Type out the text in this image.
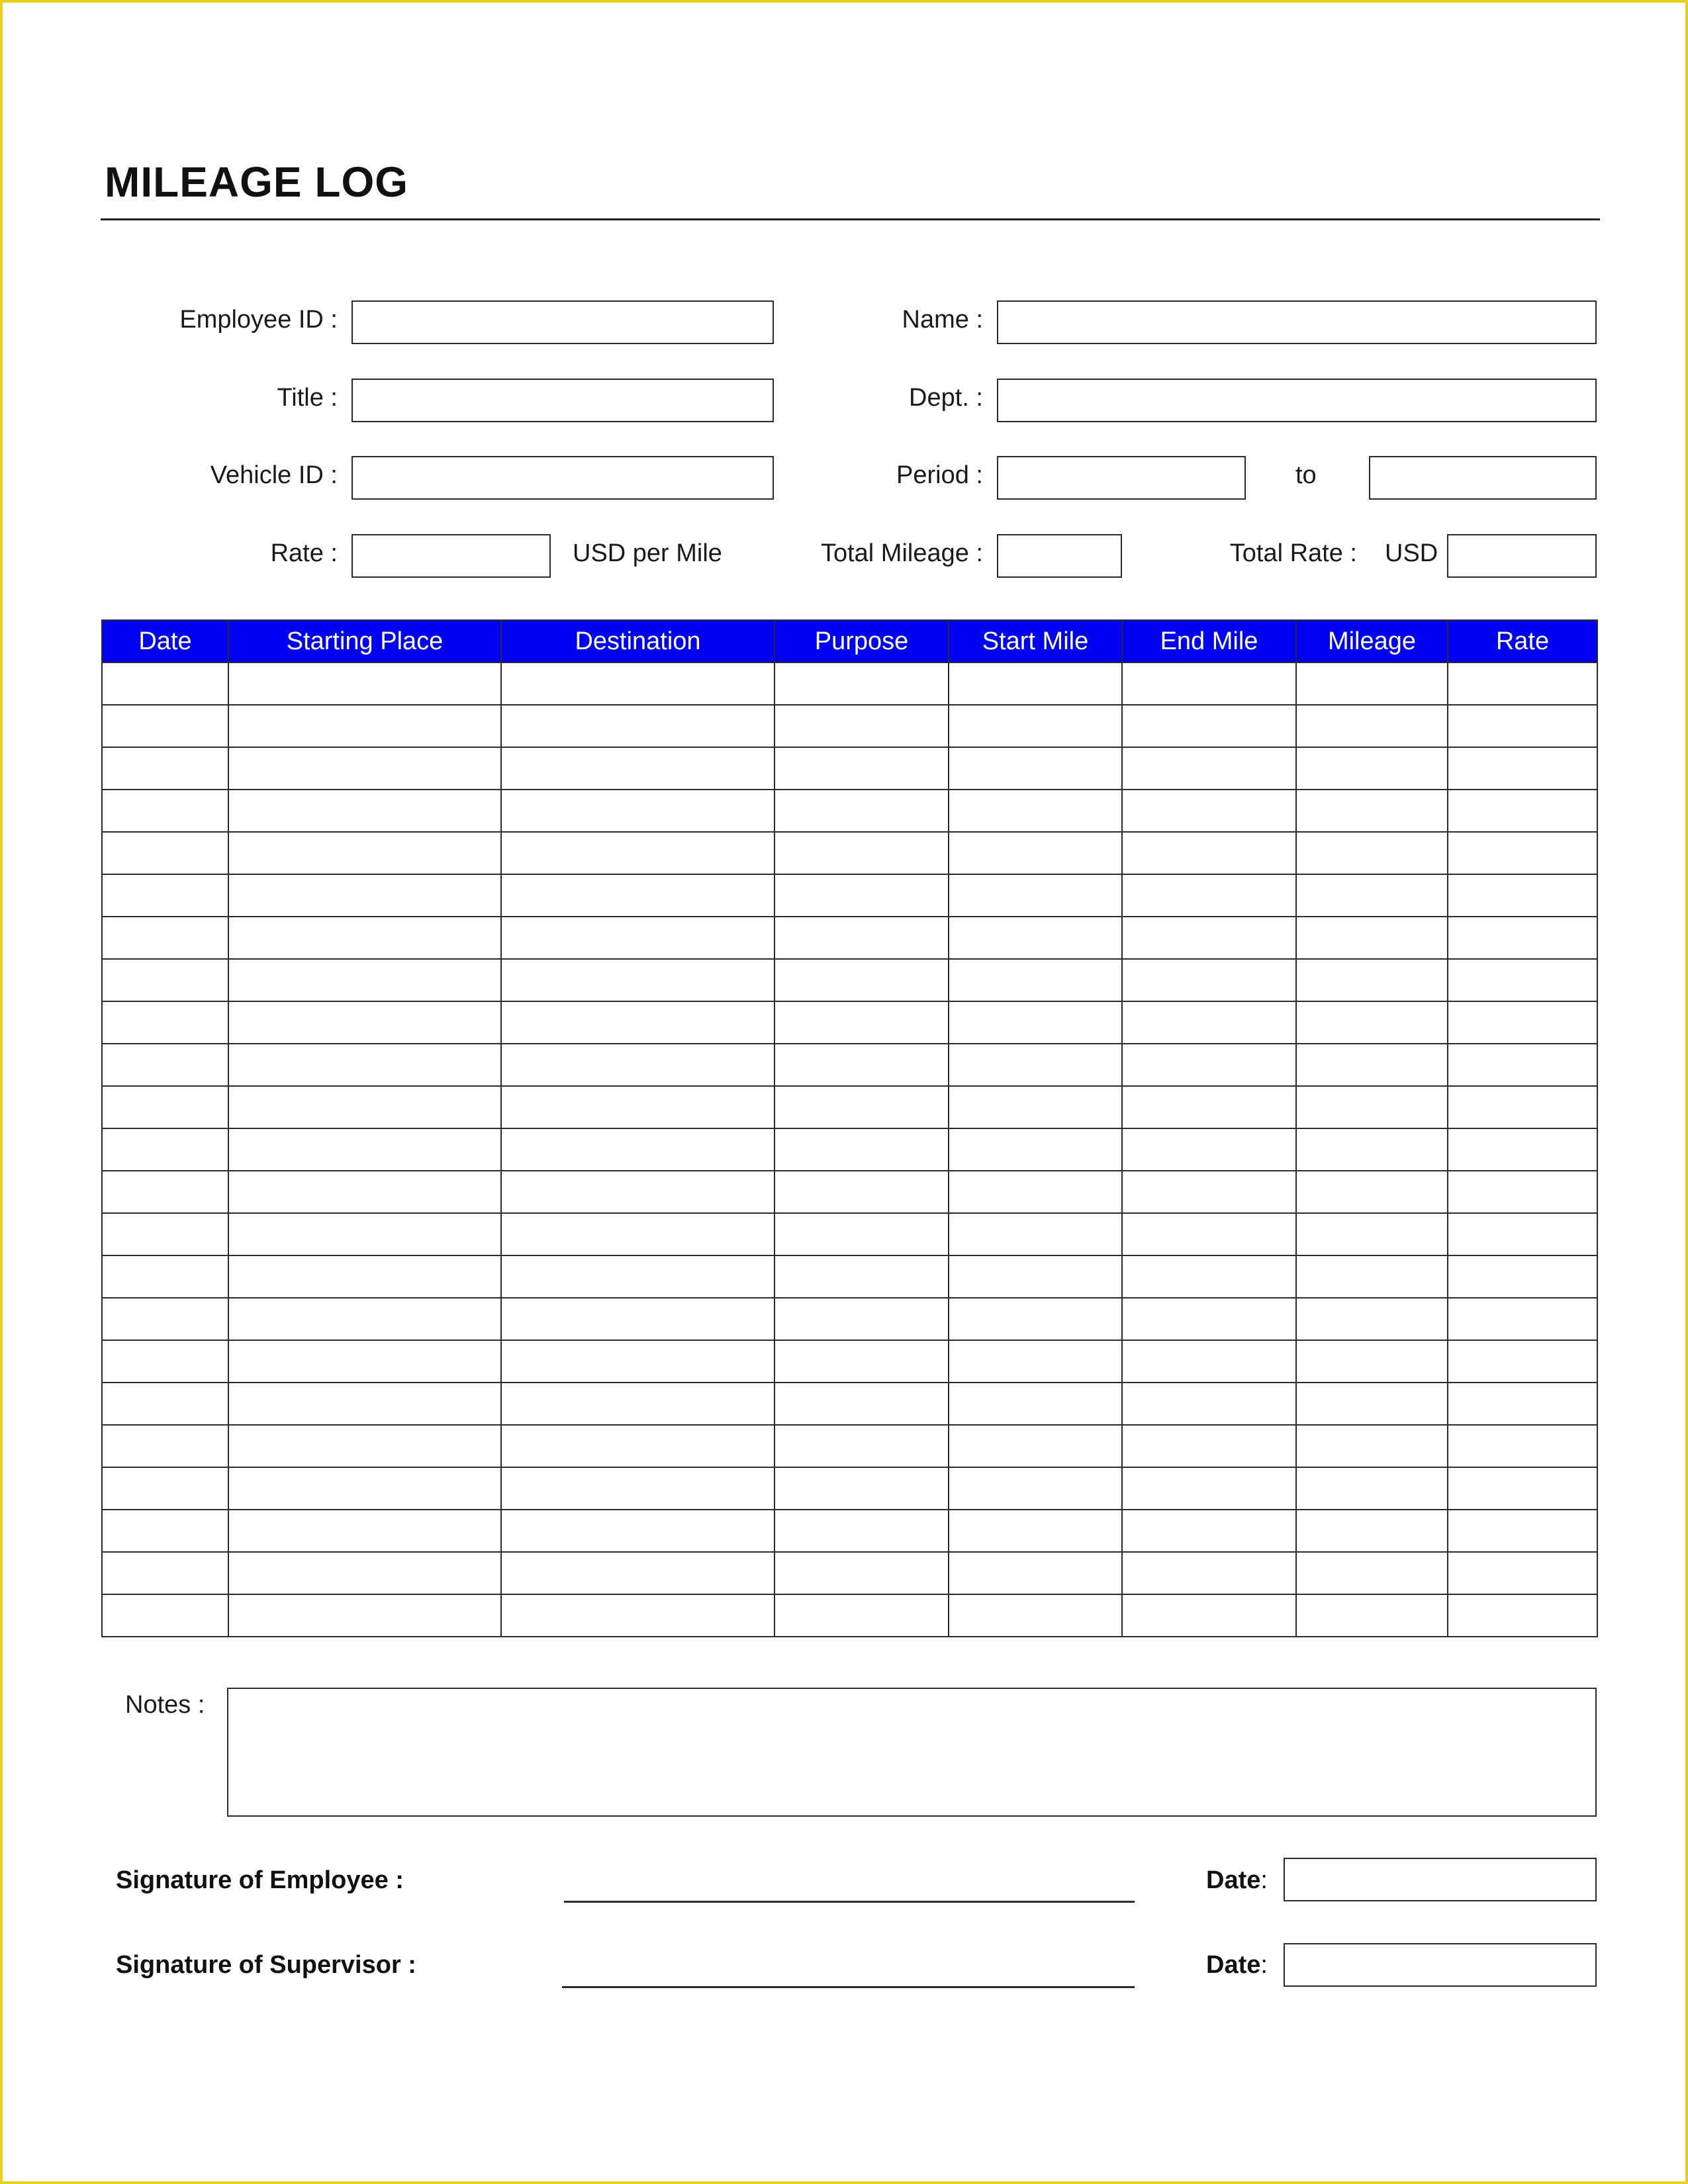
MILEAGE LOG
Employee ID :	Name :
Title :	Dept. :
Vehicle ID :	Period :	to
Rate :	USD per Mile	Total Mileage :	Total Rate : USD
Date	Starting Place	Destination	Purpose	Start Mile	End Mile	Mileage	Rate

Notes :
Signature of Employee :	Date:
Signature of Supervisor :	Date:
